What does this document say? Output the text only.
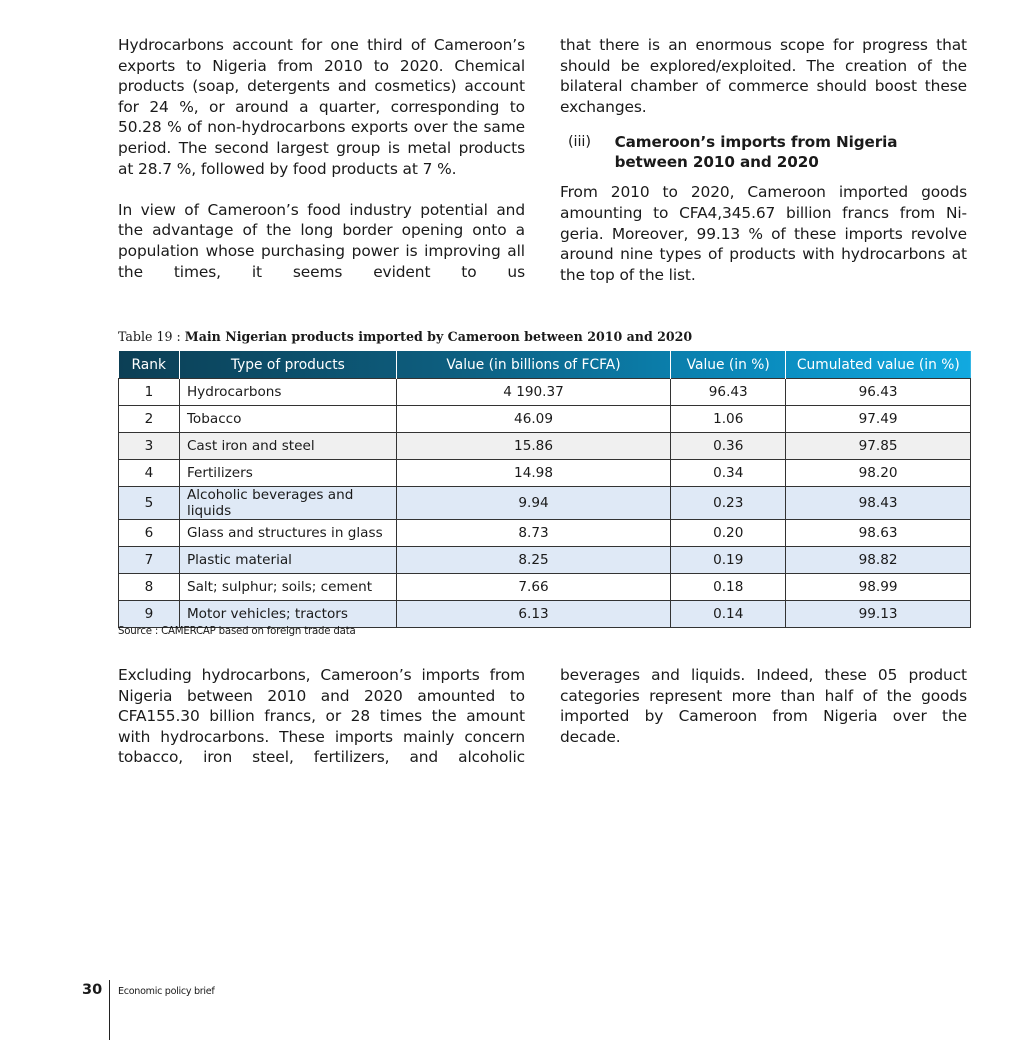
Hydrocarbons account for one third of Cameroon’s exports to Nigeria from 2010 to 2020. Chemical products (soap, detergents and cosmetics) account for 24 %, or around a quarter, corresponding to 50.28 % of non-hydrocarbons exports over the same period. The second largest group is metal products at 28.7 %, followed by food products at 7 %.

In view of Cameroon’s food industry potential and the advantage of the long border opening onto a population whose purchasing power is improving all the times, it seems evident to us

that there is an enormous scope for progress that should be explored/exploited. The creation of the bilateral chamber of commerce should boost these exchanges.

(iii)	Cameroon’s imports from Nigeria between 2010 and 2020

From 2010 to 2020, Cameroon imported goods amounting to CFA4,345.67 billion francs from Ni-geria. Moreover, 99.13 % of these imports revolve around nine types of products with hydrocarbons at the top of the list.

Table 19 : Main Nigerian products imported by Cameroon between 2010 and 2020
Rank	Type of products	Value (in billions of FCFA)	Value (in %)	Cumulated value (in %)
1	Hydrocarbons	4 190.37	96.43	96.43
2	Tobacco	46.09	1.06	97.49
3	Cast iron and steel	15.86	0.36	97.85
4	Fertilizers	14.98	0.34	98.20
5	Alcoholic beverages and liquids	9.94	0.23	98.43
6	Glass and structures in glass	8.73	0.20	98.63
7	Plastic material	8.25	0.19	98.82
8	Salt; sulphur; soils; cement	7.66	0.18	98.99
9	Motor vehicles; tractors	6.13	0.14	99.13
Source : CAMERCAP based on foreign trade data

Excluding hydrocarbons, Cameroon’s imports from Nigeria between 2010 and 2020 amounted to CFA155.30 billion francs, or 28 times the amount with hydrocarbons. These imports mainly concern tobacco, iron steel, fertilizers, and alcoholic

beverages and liquids. Indeed, these 05 product categories represent more than half of the goods imported by Cameroon from Nigeria over the decade.

30 Economic policy brief
